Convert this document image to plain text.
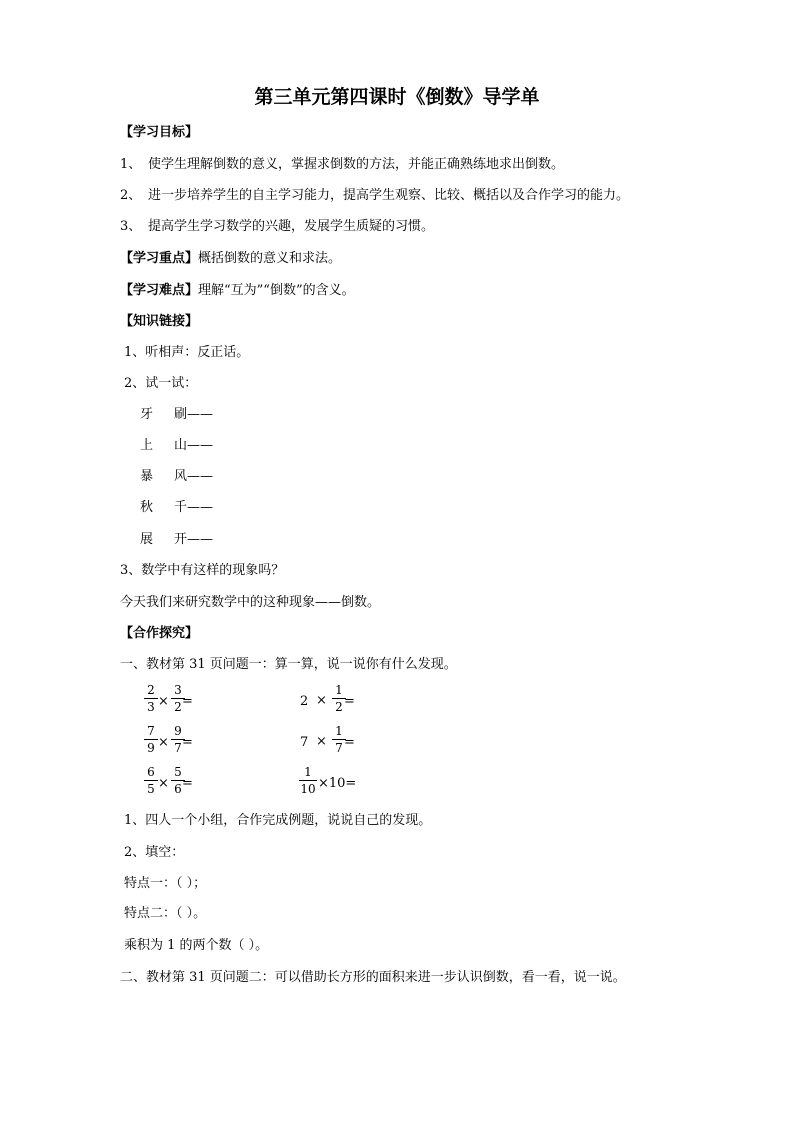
第三单元第四课时《倒数》导学单
【学习目标】
1、 使学生理解倒数的意义，掌握求倒数的方法，并能正确熟练地求出倒数。
2、 进一步培养学生的自主学习能力，提高学生观察、比较、概括以及合作学习的能力。
3、 提高学生学习数学的兴趣，发展学生质疑的习惯。
【学习重点】概括倒数的意义和求法。
【学习难点】理解“互为”“倒数”的含义。
【知识链接】
1、听相声：反正话。
2、试一试：
牙 刷——
上 山——
暴 风——
秋 千——
展 开——
3、数学中有这样的现象吗？
今天我们来研究数学中的这种现象——倒数。
【合作探究】
一、教材第 31 页问题一：算一算，说一说你有什么发现。
2
3 ×
3
2 =	2 ×
1
2 =
7
9 ×
9
7 =	7 ×
1
7 =
6
5 ×
5
6 =
1
10 ×10=
1、四人一个小组，合作完成例题，说说自己的发现。
2、填空：
特点一：（ ）；
特点二：（ ）。
乘积为 1 的两个数（ ）。
二、教材第 31 页问题二：可以借助长方形的面积来进一步认识倒数，看一看，说一说。
